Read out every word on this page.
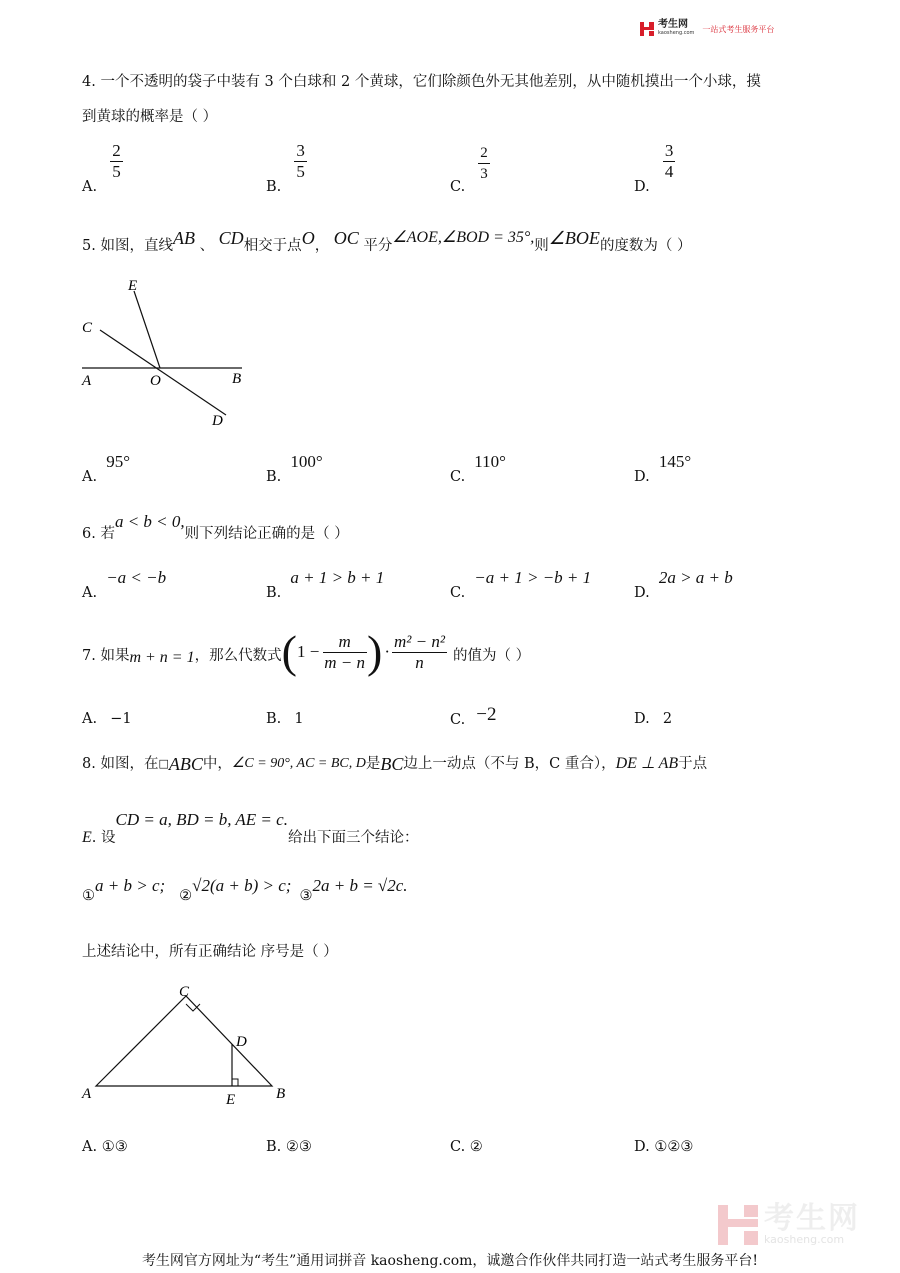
考生网
kaosheng.com 一站式考生服务平台
4. 一个不透明的袋子中装有 3 个白球和 2 个黄球，它们除颜色外无其他差别，从中随机摸出一个小球，摸
到黄球的概率是（ ）
A.
$\frac{2}{5}$
B.
$\frac{3}{5}$
C.
$\frac{2}{3}$
D.
$\frac{3}{4}$
5.
如图，直线 AB
、
CD 相交于点 O ，
OC
平分 ∠AOE,∠BOD = 35°, 则 ∠BOE 的度数为（ ）
E
C
A	O	B
D
A. 95°
B. 100°
C. 110°
D. 145°
6.
若
a < b < 0,
则下列结论正确的是（ ）
A. −a < −b
B. a + 1 > b + 1
C. −a + 1 > −b + 1
D. 2a > a + b
7.
如果 m + n = 1 ，那么代数式 ( $1 - \frac{m}{m - n}$ ) · $\frac{\text{m² − n²}}{n}$ 的值为（ ）
A. −1	B. 1	C. −2	D. 2
8.
如图，在 □ ABC 中， ∠C = 90°, AC = BC, D 是 BC 边上一动点（不与 B，C 重合）， DE ⊥ AB 于点
E . 设
CD = a, BD = b, AE = c.
给出下面三个结论：
①
a + b > c;
②
√2(a + b) > c;
③
2a + b = √2c.
上述结论中，所有正确结论 序号是（ ）
C
D
A	E	B
A. ①③	B. ②③	C. ②	D. ①②③
考生网
kaosheng.com
考生网官方网址为“考生”通用词拼音 kaosheng.com，诚邀合作伙伴共同打造一站式考生服务平台!
